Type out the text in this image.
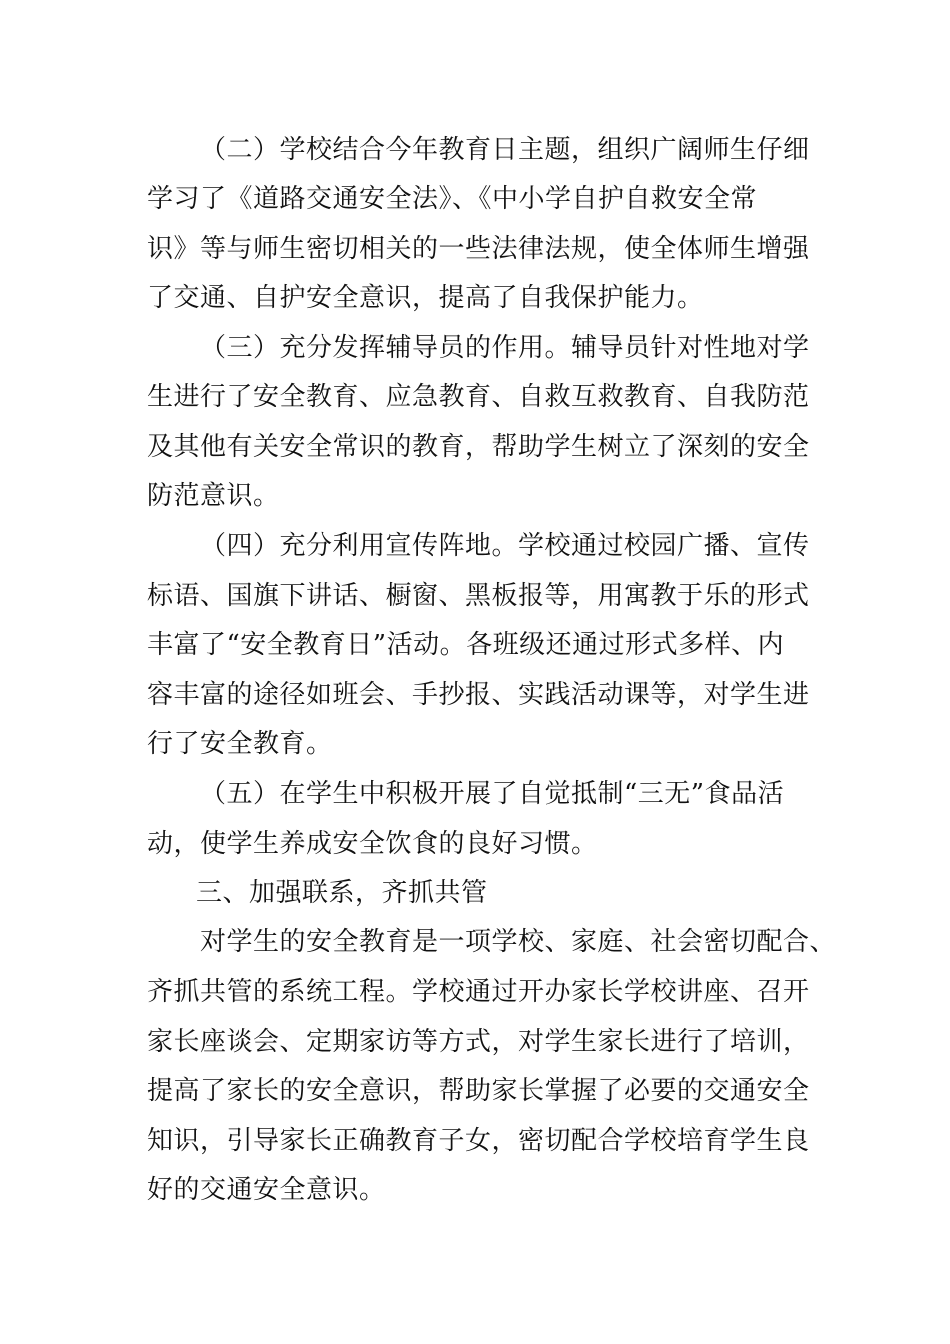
（二）学校结合今年教育日主题，组织广阔师生仔细
学习了《道路交通安全法》、《中小学自护自救安全常
识》等与师生密切相关的一些法律法规，使全体师生增强
了交通、自护安全意识，提高了自我保护能力。
（三）充分发挥辅导员的作用。辅导员针对性地对学
生进行了安全教育、应急教育、自救互救教育、自我防范
及其他有关安全常识的教育，帮助学生树立了深刻的安全
防范意识。
（四）充分利用宣传阵地。学校通过校园广播、宣传
标语、国旗下讲话、橱窗、黑板报等，用寓教于乐的形式
丰富了“安全教育日”活动。各班级还通过形式多样、内
容丰富的途径如班会、手抄报、实践活动课等，对学生进
行了安全教育。
（五）在学生中积极开展了自觉抵制“三无”食品活
动，使学生养成安全饮食的良好习惯。
三、加强联系，齐抓共管
对学生的安全教育是一项学校、家庭、社会密切配合、
齐抓共管的系统工程。学校通过开办家长学校讲座、召开
家长座谈会、定期家访等方式，对学生家长进行了培训，
提高了家长的安全意识，帮助家长掌握了必要的交通安全
知识，引导家长正确教育子女，密切配合学校培育学生良
好的交通安全意识。
